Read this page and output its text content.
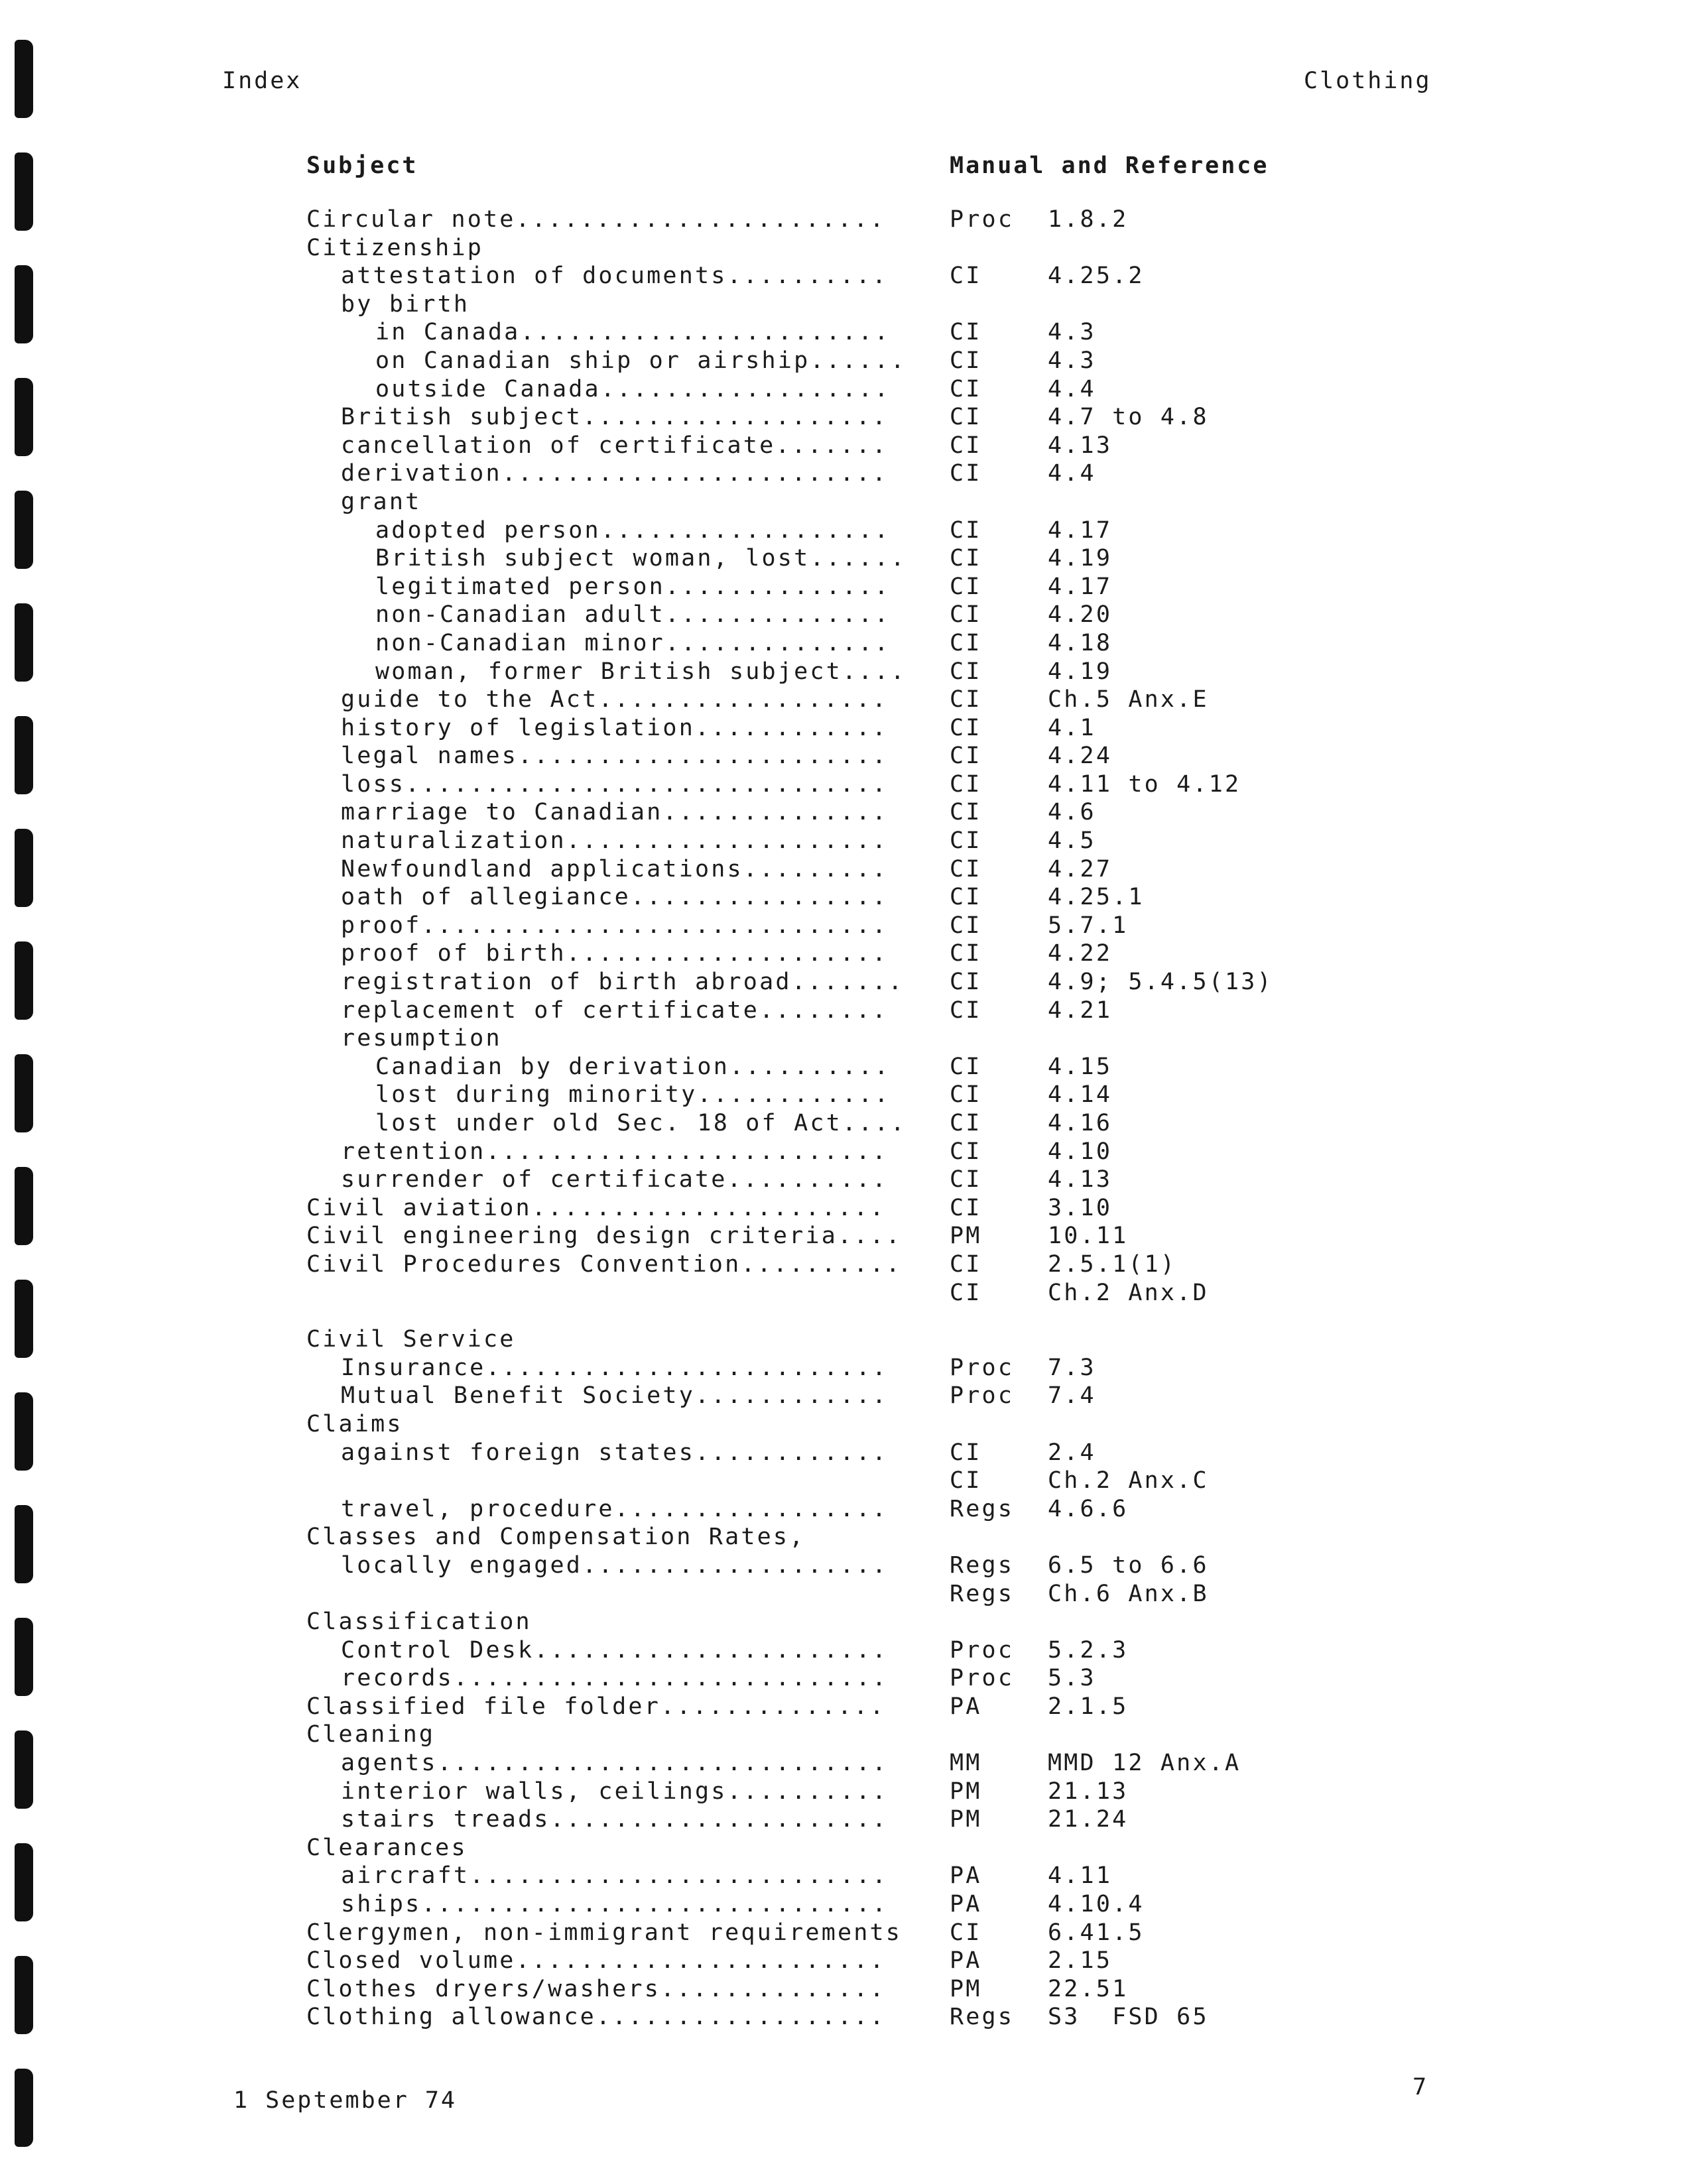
Index	Clothing
Subject	Manual and Reference
Circular note.......................	Proc 1.8.2
Citizenship
attestation of documents..........	CI	4.25.2
by birth
in Canada.......................	CI	4.3
on Canadian ship or airship...... CI	4.3
outside Canada..................	CI	4.4
British subject...................	CI	4.7 to 4.8
cancellation of certificate.......	CI	4.13
derivation........................	CI	4.4
grant
adopted person..................	CI	4.17
British subject woman, lost...... CI	4.19
legitimated person..............	CI	4.17
non-Canadian adult..............	CI	4.20
non-Canadian minor..............	CI	4.18
woman, former British subject.... CI	4.19
guide to the Act..................	CI	Ch.5 Anx.E
history of legislation............	CI	4.1
legal names.......................	CI	4.24
loss..............................	CI	4.11 to 4.12
marriage to Canadian..............	CI	4.6
naturalization....................	CI	4.5
Newfoundland applications.........	CI	4.27
oath of allegiance................	CI	4.25.1
proof.............................	CI	5.7.1
proof of birth....................	CI	4.22
registration of birth abroad....... CI	4.9; 5.4.5(13)
replacement of certificate........	CI	4.21
resumption
Canadian by derivation..........	CI	4.15
lost during minority............	CI	4.14
lost under old Sec. 18 of Act.... CI	4.16
retention.........................	CI	4.10
surrender of certificate..........	CI	4.13
Civil aviation......................	CI	3.10
Civil engineering design criteria.... PM	10.11
Civil Procedures Convention.......... CI	2.5.1(1)
CI	Ch.2 Anx.D
Civil Service
Insurance.........................	Proc 7.3
Mutual Benefit Society............	Proc 7.4
Claims
against foreign states............	CI	2.4
CI	Ch.2 Anx.C
travel, procedure.................	Regs 4.6.6
Classes and Compensation Rates,
locally engaged...................	Regs 6.5 to 6.6
Regs Ch.6 Anx.B
Classification
Control Desk......................	Proc 5.2.3
records...........................	Proc 5.3
Classified file folder..............	PA	2.1.5
Cleaning
agents............................	MM	MMD 12 Anx.A
interior walls, ceilings..........	PM	21.13
stairs treads.....................	PM	21.24
Clearances
aircraft..........................	PA	4.11
ships.............................	PA	4.10.4
Clergymen, non-immigrant requirements CI	6.41.5
Closed volume.......................	PA	2.15
Clothes dryers/washers..............	PM	22.51
Clothing allowance..................	Regs S3  FSD 65
1 September 74	7
